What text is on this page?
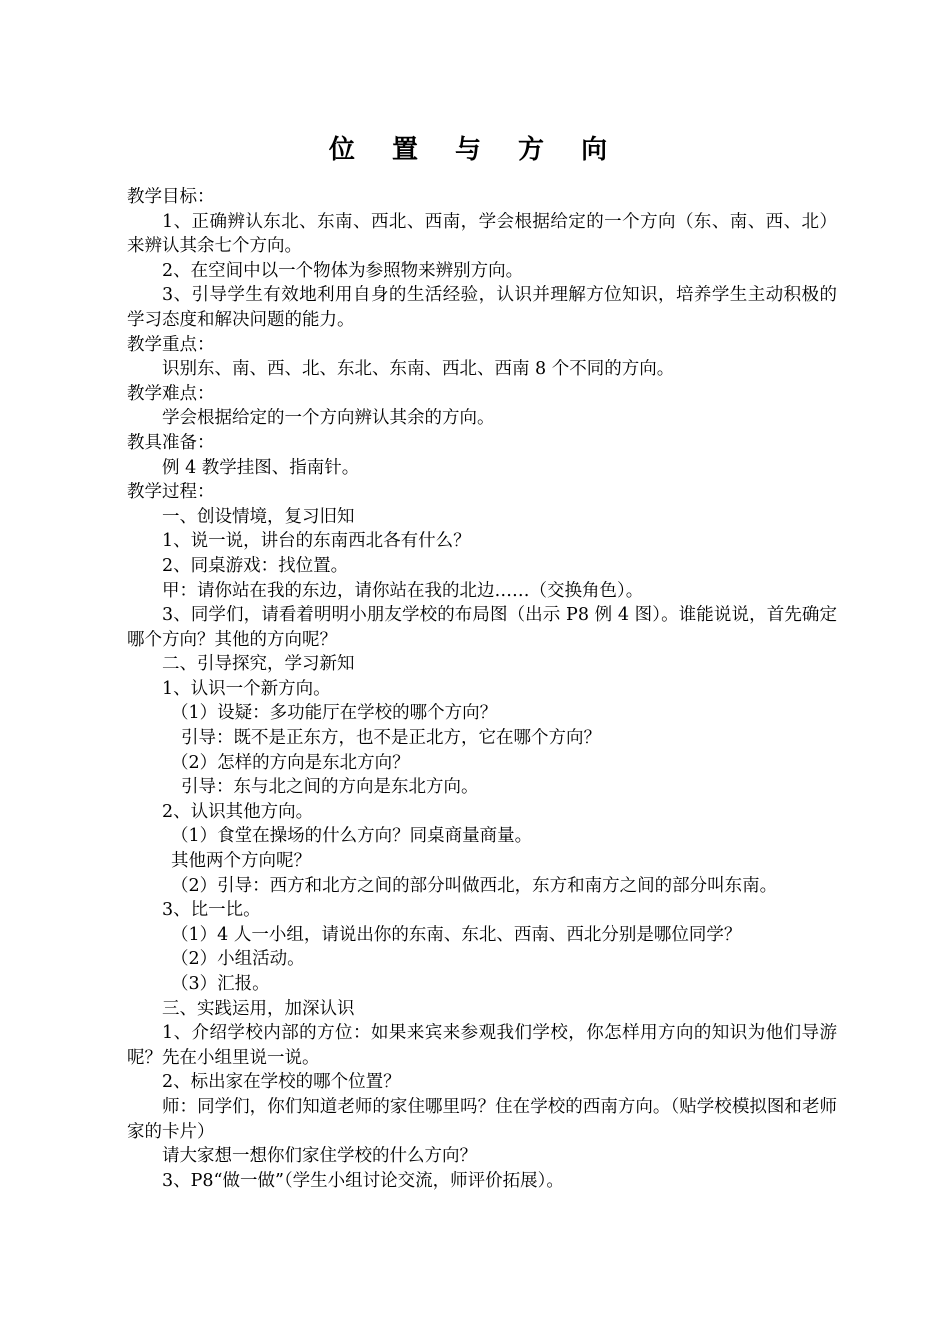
位 置 与 方 向
教学目标：
1、正确辨认东北、东南、西北、西南，学会根据给定的一个方向（东、南、西、北）来辨认其余七个方向。
2、在空间中以一个物体为参照物来辨别方向。
3、引导学生有效地利用自身的生活经验，认识并理解方位知识，培养学生主动积极的学习态度和解决问题的能力。
教学重点：
识别东、南、西、北、东北、东南、西北、西南 8 个不同的方向。
教学难点：
学会根据给定的一个方向辨认其余的方向。
教具准备：
例 4 教学挂图、指南针。
教学过程：
一、创设情境，复习旧知
1、说一说，讲台的东南西北各有什么？
2、同桌游戏：找位置。
甲：请你站在我的东边，请你站在我的北边……（交换角色）。
3、同学们，请看着明明小朋友学校的布局图（出示 P8 例 4 图）。谁能说说，首先确定哪个方向？其他的方向呢？
二、引导探究，学习新知
1、认识一个新方向。
（1）设疑：多功能厅在学校的哪个方向？
引导：既不是正东方，也不是正北方，它在哪个方向？
（2）怎样的方向是东北方向？
引导：东与北之间的方向是东北方向。
2、认识其他方向。
（1）食堂在操场的什么方向？同桌商量商量。
其他两个方向呢？
（2）引导：西方和北方之间的部分叫做西北，东方和南方之间的部分叫东南。
3、比一比。
（1）4 人一小组，请说出你的东南、东北、西南、西北分别是哪位同学？
（2）小组活动。
（3）汇报。
三、实践运用，加深认识
1、介绍学校内部的方位：如果来宾来参观我们学校，你怎样用方向的知识为他们导游呢？先在小组里说一说。
2、标出家在学校的哪个位置？
师：同学们，你们知道老师的家住哪里吗？住在学校的西南方向。（贴学校模拟图和老师家的卡片）
请大家想一想你们家住学校的什么方向？
3、P8“做一做”（学生小组讨论交流，师评价拓展）。
